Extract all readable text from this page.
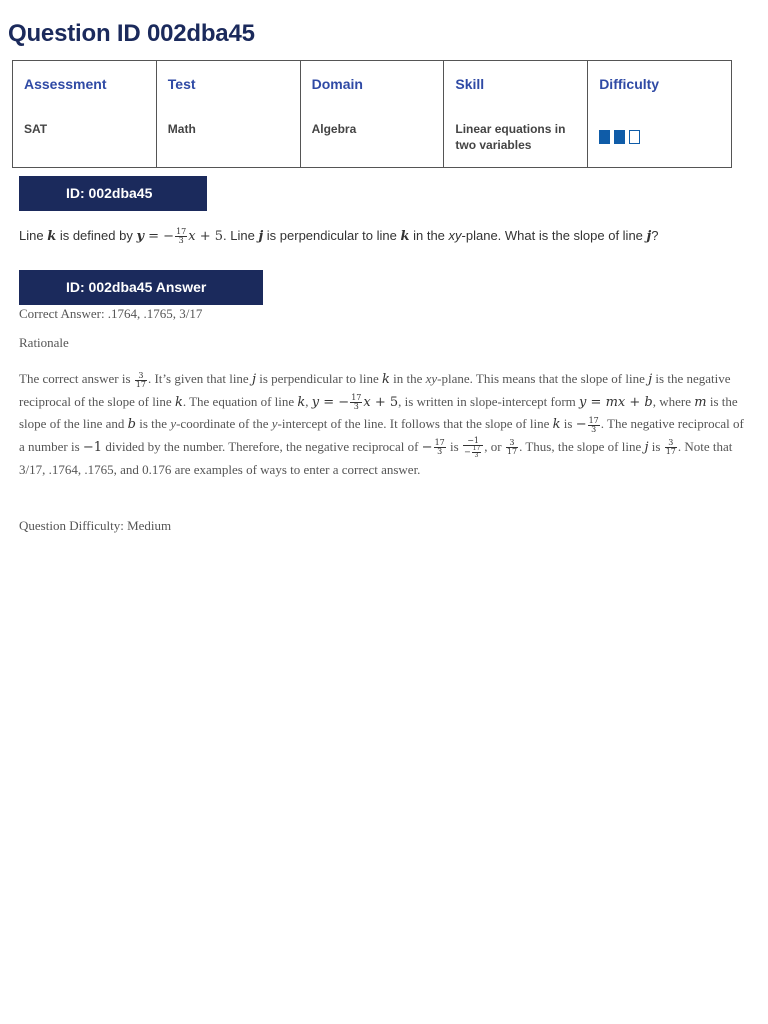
Question ID 002dba45
Assessment
SAT

Test
Math

Domain
Algebra

Skill
Linear equations in two variables

Difficulty
ID: 002dba45
Line k is defined by y = − $\frac{17}{3}$ x + 5. Line j is perpendicular to line k in the xy-plane. What is the slope of line j?
ID: 002dba45 Answer
Correct Answer: .1764, .1765, 3/17
Rationale
The correct answer is $\frac{3}{17}$ . It’s given that line j is perpendicular to line k in the xy-plane. This means that the slope of line j is the negative reciprocal of the slope of line k. The equation of line k, y = − $\frac{17}{3}$ x + 5, is written in slope-intercept form y = mx + b, where m is the slope of the line and b is the y-coordinate of the y-intercept of the line. It follows that the slope of line k is − $\frac{17}{3}$ . The negative reciprocal of a number is −1 divided by the number. Therefore, the negative reciprocal of − $\frac{17}{3}$ is $\frac{-1}{- \frac{17}{3}}$ , or $\frac{3}{17}$ . Thus, the slope of line j is $\frac{3}{17}$ . Note that 3/17, .1764, .1765, and 0.176 are examples of ways to enter a correct answer.
Question Difficulty: Medium
